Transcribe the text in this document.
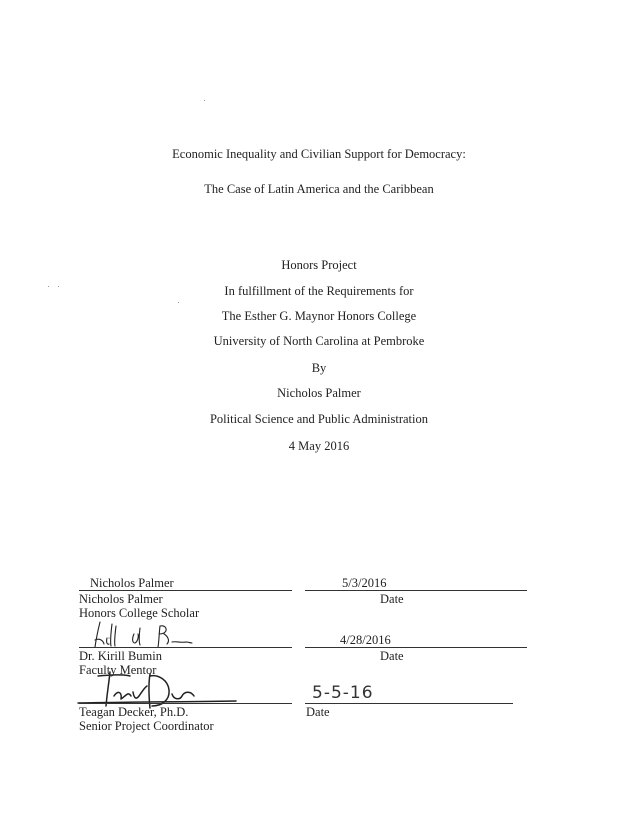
Economic Inequality and Civilian Support for Democracy:
The Case of Latin America and the Caribbean
Honors Project
In fulfillment of the Requirements for
The Esther G. Maynor Honors College
University of North Carolina at Pembroke
By
Nicholos Palmer
Political Science and Public Administration
4 May 2016
Nicholos Palmer
Nicholos Palmer
Honors College Scholar
5/3/2016
Date
Dr. Kirill Bumin
Faculty Mentor
4/28/2016
Date
Teagan Decker, Ph.D.
Senior Project Coordinator
5-5-16
Date
